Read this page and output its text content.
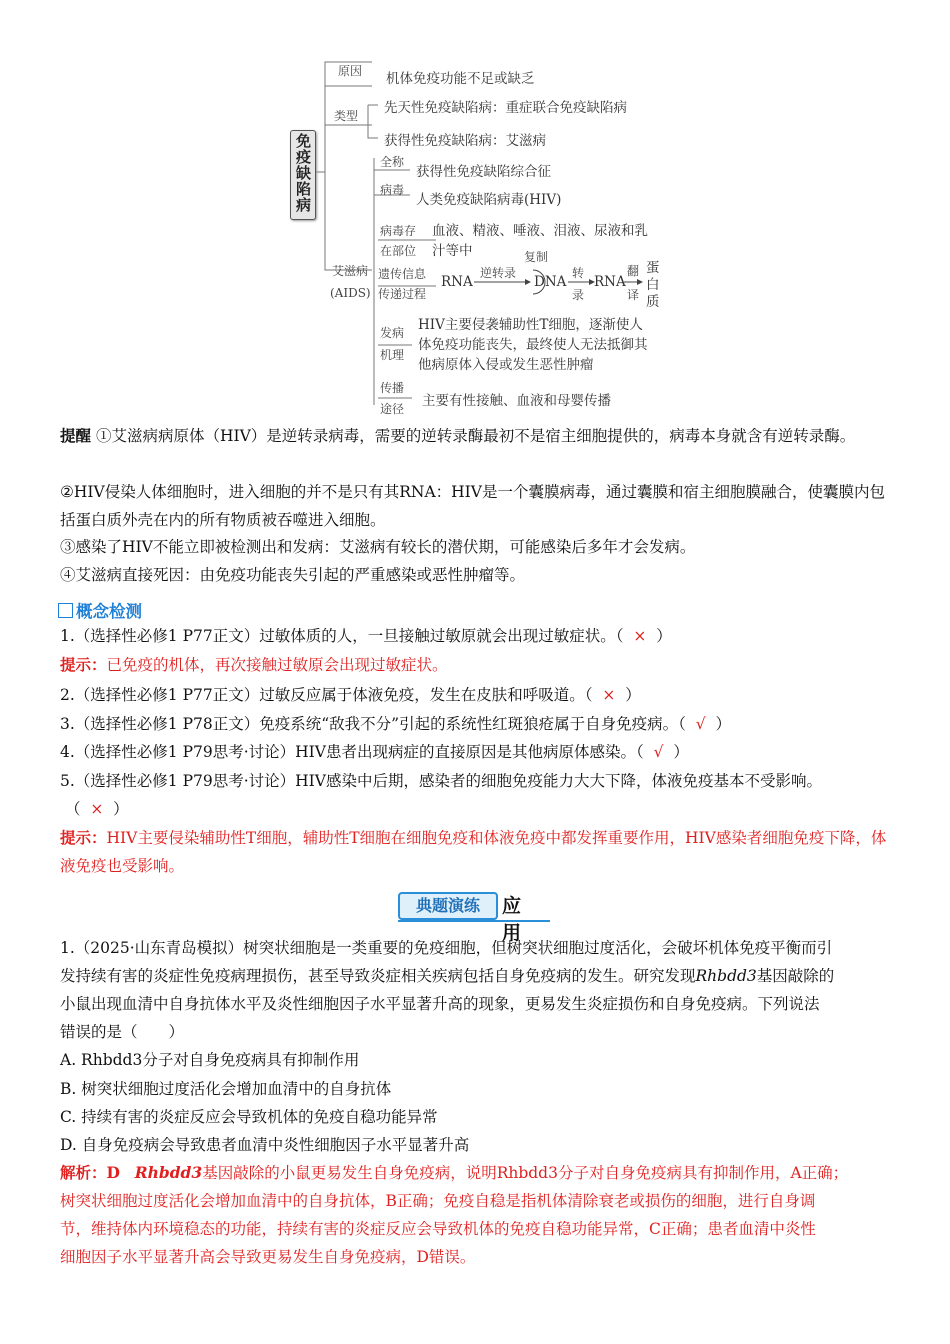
免疫缺陷病
原因 机体免疫功能不足或缺乏
类型 先天性免疫缺陷病：重症联合免疫缺陷病
获得性免疫缺陷病：艾滋病
艾滋病
(AIDS)
全称
获得性免疫缺陷综合征
病毒
人类免疫缺陷病毒(HIV)
病毒存
在部位
血液、精液、唾液、泪液、尿液和乳
汁等中
遗传信息
传递过程
RNA
逆转录
复制
DNA
转
录
RNA
翻
译
蛋
白
质
发病
机理
HIV主要侵袭辅助性T细胞，逐渐使人
体免疫功能丧失，最终使人无法抵御其
他病原体入侵或发生恶性肿瘤
传播
途径 主要有性接触、血液和母婴传播
提醒 ①艾滋病病原体（HIV）是逆转录病毒，需要的逆转录酶最初不是宿主细胞提供的，病毒本身就含有逆转录酶。
②HIV侵染人体细胞时，进入细胞的并不是只有其RNA：HIV是一个囊膜病毒，通过囊膜和宿主细胞膜融合，使囊膜内包括蛋白质外壳在内的所有物质被吞噬进入细胞。
③感染了HIV不能立即被检测出和发病：艾滋病有较长的潜伏期，可能感染后多年才会发病。
④艾滋病直接死因：由免疫功能丧失引起的严重感染或恶性肿瘤等。
概念检测
1.（选择性必修1 P77正文）过敏体质的人，一旦接触过敏原就会出现过敏症状。（ × ）
提示：已免疫的机体，再次接触过敏原会出现过敏症状。
2.（选择性必修1 P77正文）过敏反应属于体液免疫，发生在皮肤和呼吸道。（ × ）
3.（选择性必修1 P78正文）免疫系统“敌我不分”引起的系统性红斑狼疮属于自身免疫病。（ √ ）
4.（选择性必修1 P79思考·讨论）HIV患者出现病症的直接原因是其他病原体感染。（ √ ）
5.（选择性必修1 P79思考·讨论）HIV感染中后期，感染者的细胞免疫能力大大下降，体液免疫基本不受影响。
（ × ）
提示：HIV主要侵染辅助性T细胞，辅助性T细胞在细胞免疫和体液免疫中都发挥重要作用，HIV感染者细胞免疫下降，体液免疫也受影响。
典题演练	应用
1.（2025·山东青岛模拟）树突状细胞是一类重要的免疫细胞，但树突状细胞过度活化，会破坏机体免疫平衡而引
发持续有害的炎症性免疫病理损伤，甚至导致炎症相关疾病包括自身免疫病的发生。研究发现Rhbdd3基因敲除的
小鼠出现血清中自身抗体水平及炎性细胞因子水平显著升高的现象，更易发生炎症损伤和自身免疫病。下列说法
错误的是（　　）
A. Rhbdd3分子对自身免疫病具有抑制作用
B. 树突状细胞过度活化会增加血清中的自身抗体
C. 持续有害的炎症反应会导致机体的免疫自稳功能异常
D. 自身免疫病会导致患者血清中炎性细胞因子水平显著升高
解析：D Rhbdd3基因敲除的小鼠更易发生自身免疫病，说明Rhbdd3分子对自身免疫病具有抑制作用，A正确；
树突状细胞过度活化会增加血清中的自身抗体，B正确；免疫自稳是指机体清除衰老或损伤的细胞，进行自身调
节，维持体内环境稳态的功能，持续有害的炎症反应会导致机体的免疫自稳功能异常，C正确；患者血清中炎性
细胞因子水平显著升高会导致更易发生自身免疫病，D错误。
